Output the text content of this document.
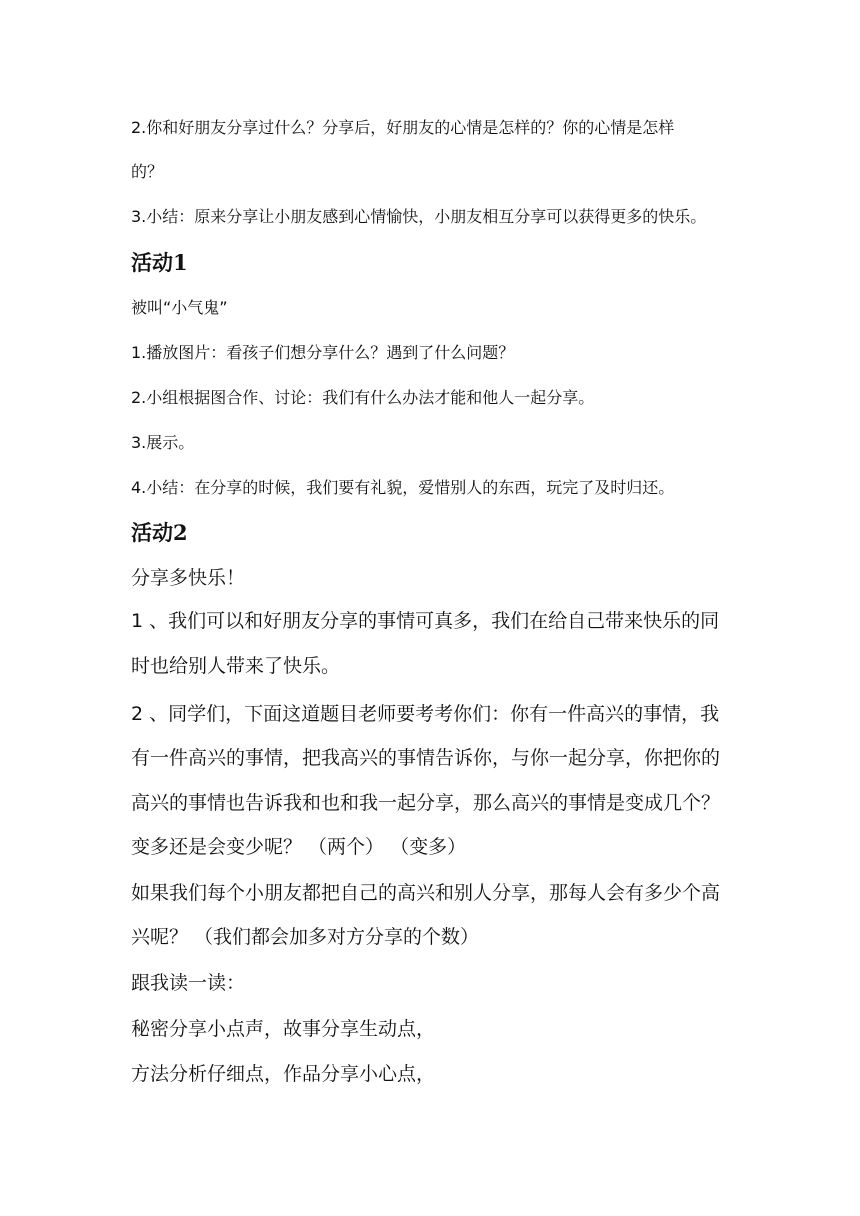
2.你和好朋友分享过什么？分享后，好朋友的心情是怎样的？你的心情是怎样
的？
3.小结：原来分享让小朋友感到心情愉快，小朋友相互分享可以获得更多的快乐。
活动1
被叫“小气鬼”
1.播放图片：看孩子们想分享什么？遇到了什么问题？
2.小组根据图合作、讨论：我们有什么办法才能和他人一起分享。
3.展示。
4.小结：在分享的时候，我们要有礼貌，爱惜别人的东西，玩完了及时归还。
活动2
分享多快乐！
1 、我们可以和好朋友分享的事情可真多，我们在给自己带来快乐的同
时也给别人带来了快乐。
2 、同学们，下面这道题目老师要考考你们：你有一件高兴的事情，我
有一件高兴的事情，把我高兴的事情告诉你，与你一起分享，你把你的
高兴的事情也告诉我和也和我一起分享，那么高兴的事情是变成几个？
变多还是会变少呢？ （两个） （变多）
如果我们每个小朋友都把自己的高兴和别人分享，那每人会有多少个高
兴呢？ （我们都会加多对方分享的个数）
跟我读一读：
秘密分享小点声，故事分享生动点，
方法分析仔细点，作品分享小心点，
